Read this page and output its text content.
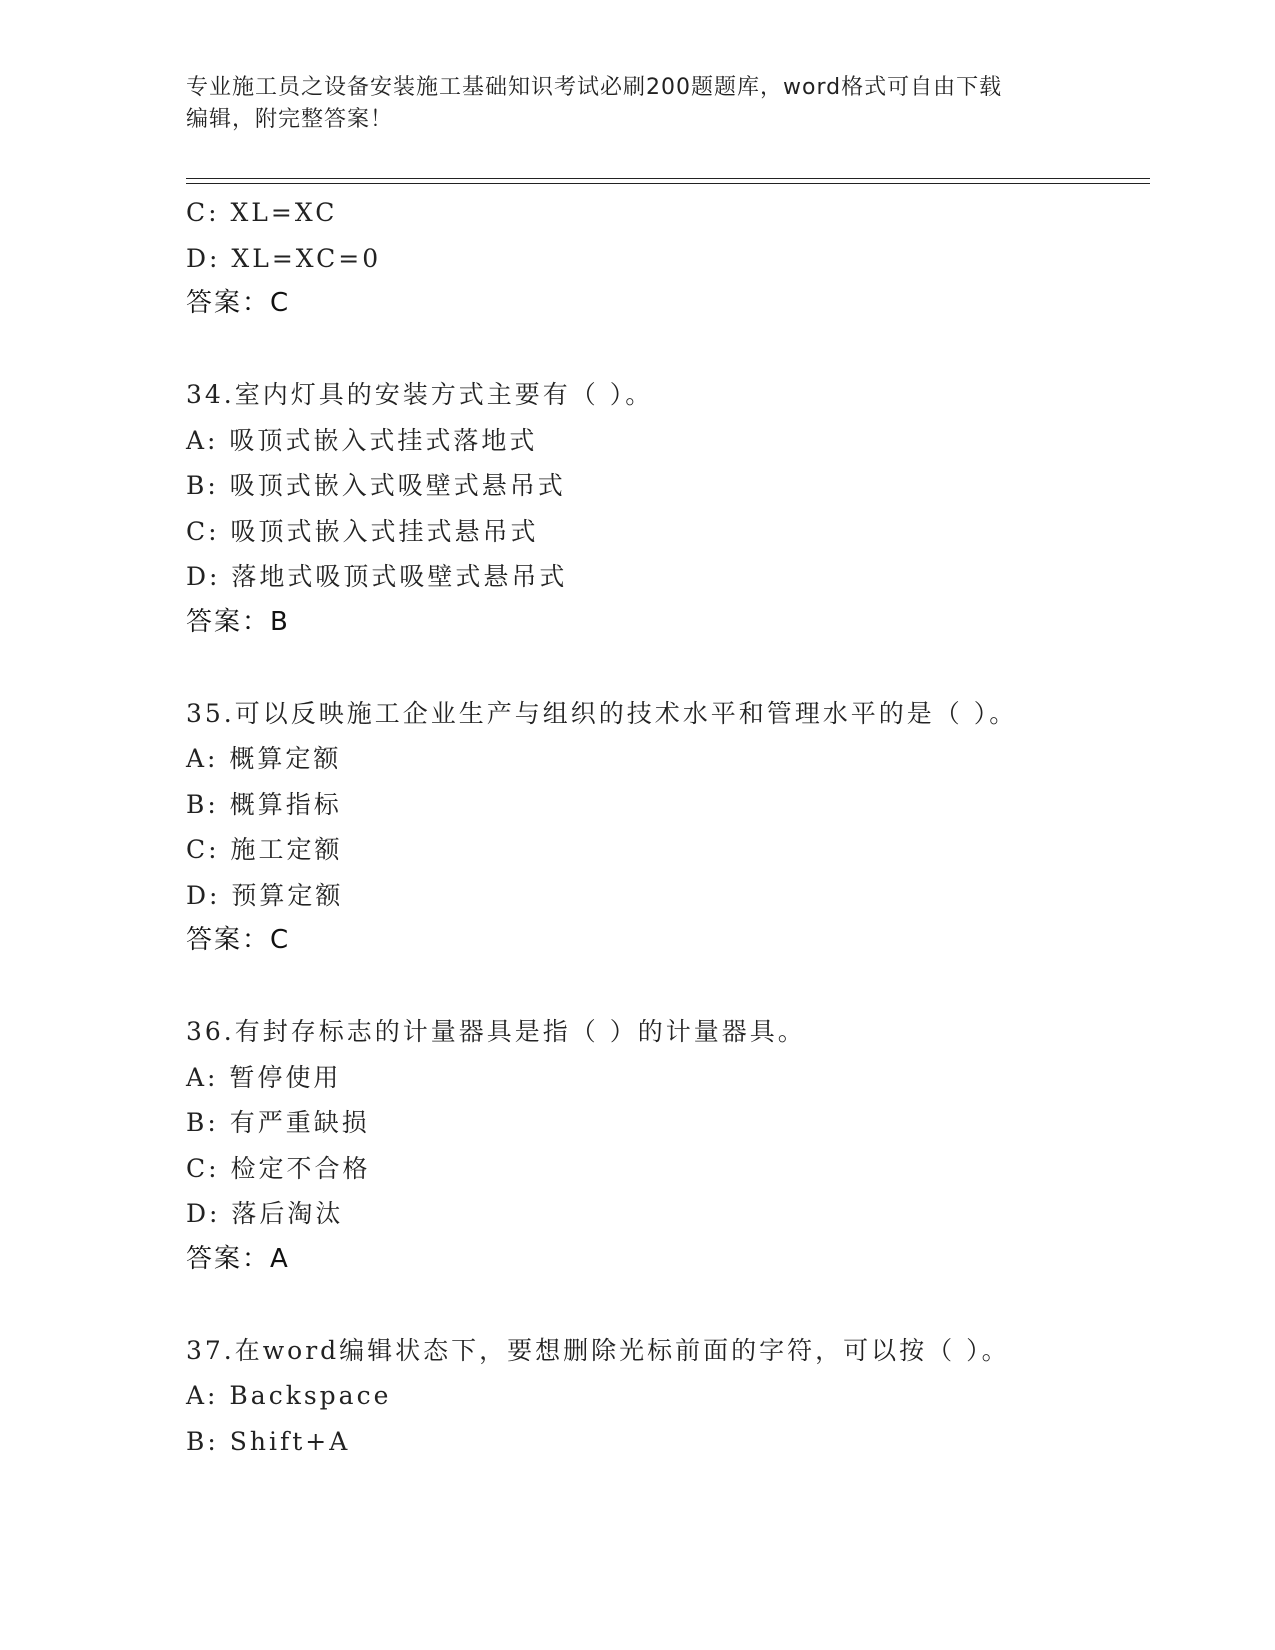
专业施工员之设备安装施工基础知识考试必刷200题题库，word格式可自由下载
编辑，附完整答案！
C: XL=XC
D: XL=XC=0
答案：C
34.室内灯具的安装方式主要有（ ）。
A: 吸顶式嵌入式挂式落地式
B: 吸顶式嵌入式吸壁式悬吊式
C: 吸顶式嵌入式挂式悬吊式
D: 落地式吸顶式吸壁式悬吊式
答案：B
35.可以反映施工企业生产与组织的技术水平和管理水平的是（ ）。
A: 概算定额
B: 概算指标
C: 施工定额
D: 预算定额
答案：C
36.有封存标志的计量器具是指（ ）的计量器具。
A: 暂停使用
B: 有严重缺损
C: 检定不合格
D: 落后淘汰
答案：A
37.在word编辑状态下，要想删除光标前面的字符，可以按（ ）。
A: Backspace
B: Shift+A
